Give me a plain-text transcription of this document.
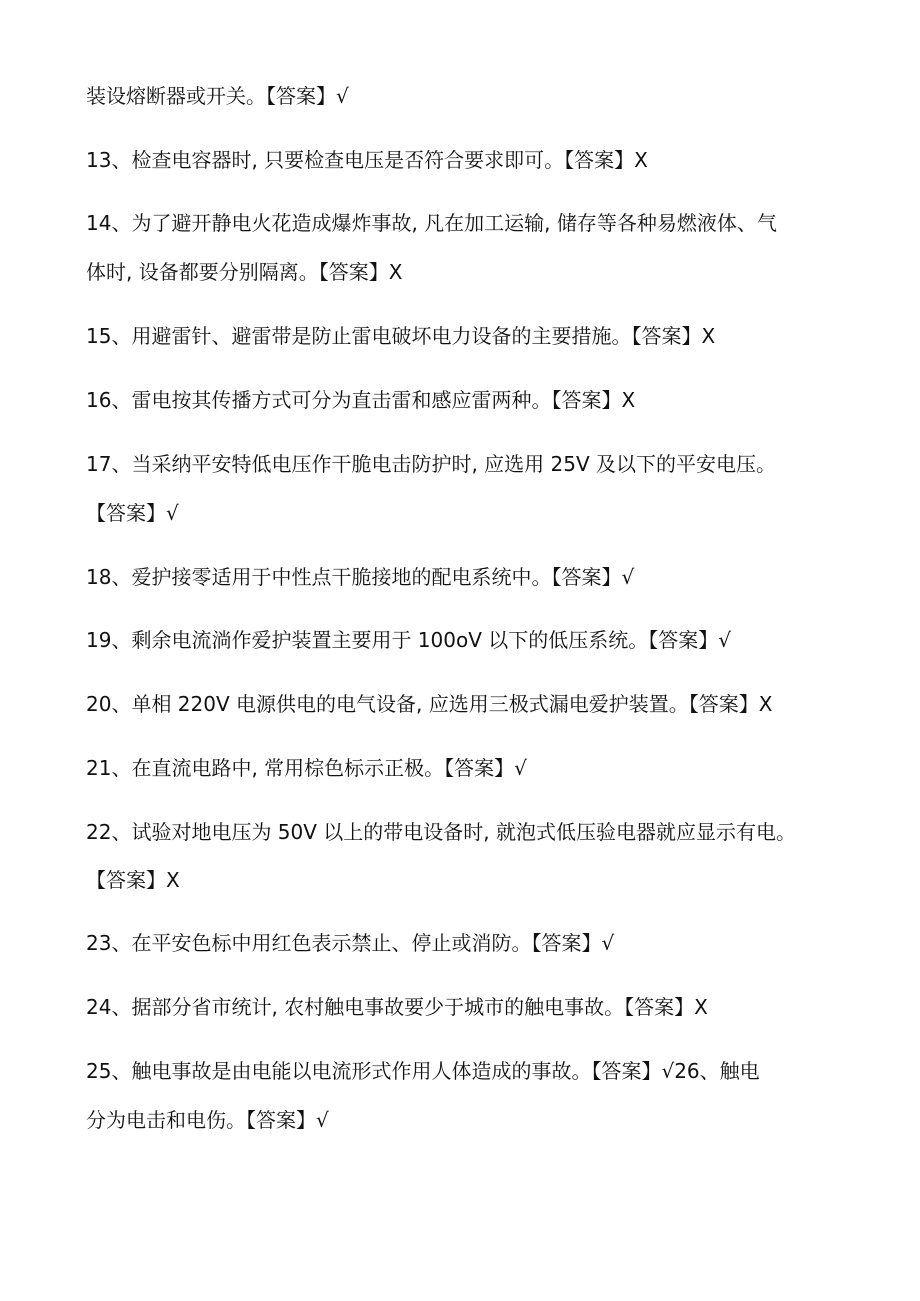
装设熔断器或开关。【答案】√
13、检查电容器时, 只要检查电压是否符合要求即可。【答案】X
14、为了避开静电火花造成爆炸事故, 凡在加工运输, 储存等各种易燃液体、气
体时, 设备都要分别隔离。【答案】X
15、用避雷针、避雷带是防止雷电破坏电力设备的主要措施。【答案】X
16、雷电按其传播方式可分为直击雷和感应雷两种。【答案】X
17、当采纳平安特低电压作干脆电击防护时, 应选用 25V 及以下的平安电压。
【答案】√
18、爱护接零适用于中性点干脆接地的配电系统中。【答案】√
19、剩余电流淌作爱护装置主要用于 100oV 以下的低压系统。【答案】√
20、单相 220V 电源供电的电气设备, 应选用三极式漏电爱护装置。【答案】X
21、在直流电路中, 常用棕色标示正极。【答案】√
22、试验对地电压为 50V 以上的带电设备时, 就泡式低压验电器就应显示有电。
【答案】X
23、在平安色标中用红色表示禁止、停止或消防。【答案】√
24、据部分省市统计, 农村触电事故要少于城市的触电事故。【答案】X
25、触电事故是由电能以电流形式作用人体造成的事故。【答案】√26、触电
分为电击和电伤。【答案】√
